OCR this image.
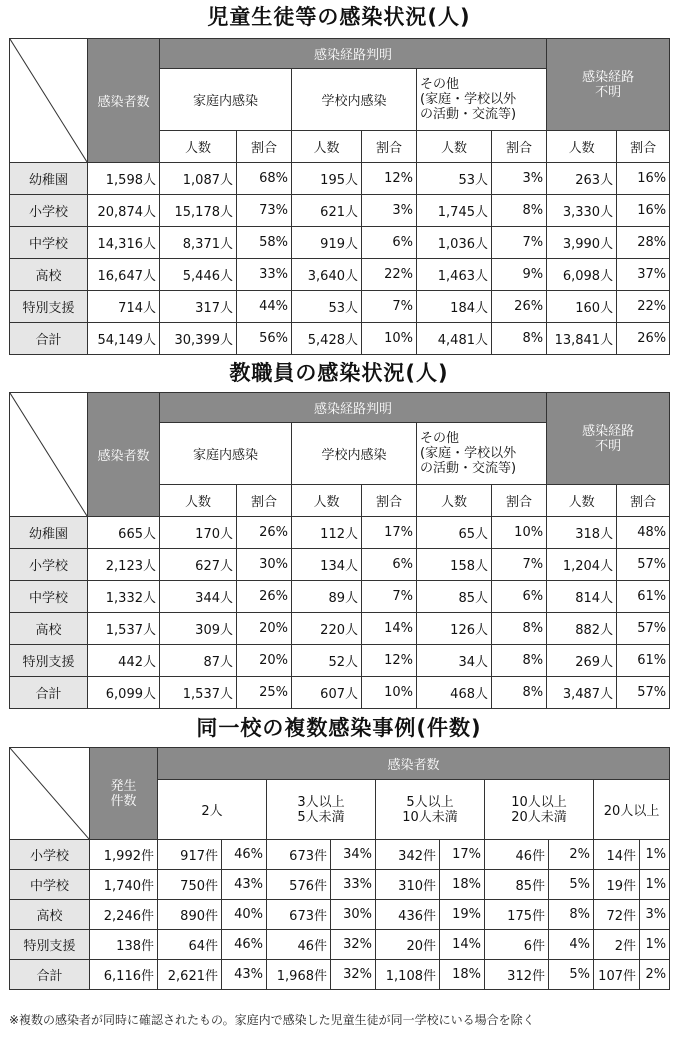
児童生徒等の感染状況(人)
	感染者数	感染経路判明						感染経路
不明	
		家庭内感染		学校内感染		その他
(家庭・学校以外
の活動・交流等)			
		人数	割合	人数	割合	人数	割合	人数	割合
幼稚園	1,598人	1,087人	68%	195人	12%	53人	3%	263人	16%
小学校	20,874人	15,178人	73%	621人	3%	1,745人	8%	3,330人	16%
中学校	14,316人	8,371人	58%	919人	6%	1,036人	7%	3,990人	28%
高校	16,647人	5,446人	33%	3,640人	22%	1,463人	9%	6,098人	37%
特別支援	714人	317人	44%	53人	7%	184人	26%	160人	22%
合計	54,149人	30,399人	56%	5,428人	10%	4,481人	8%	13,841人	26%
教職員の感染状況(人)
	感染者数	感染経路判明						感染経路
不明	
		家庭内感染		学校内感染		その他
(家庭・学校以外
の活動・交流等)			
		人数	割合	人数	割合	人数	割合	人数	割合
幼稚園	665人	170人	26%	112人	17%	65人	10%	318人	48%
小学校	2,123人	627人	30%	134人	6%	158人	7%	1,204人	57%
中学校	1,332人	344人	26%	89人	7%	85人	6%	814人	61%
高校	1,537人	309人	20%	220人	14%	126人	8%	882人	57%
特別支援	442人	87人	20%	52人	12%	34人	8%	269人	61%
合計	6,099人	1,537人	25%	607人	10%	468人	8%	3,487人	57%
同一校の複数感染事例(件数)
	発生
件数	感染者数									
		2人		3人以上
5人未満		5人以上
10人未満		10人以上
20人未満		20人以上	
小学校	1,992件	917件	46%	673件	34%	342件	17%	46件	2%	14件	1%
中学校	1,740件	750件	43%	576件	33%	310件	18%	85件	5%	19件	1%
高校	2,246件	890件	40%	673件	30%	436件	19%	175件	8%	72件	3%
特別支援	138件	64件	46%	46件	32%	20件	14%	6件	4%	2件	1%
合計	6,116件	2,621件	43%	1,968件	32%	1,108件	18%	312件	5%	107件	2%
※複数の感染者が同時に確認されたもの。家庭内で感染した児童生徒が同一学校にいる場合を除く
